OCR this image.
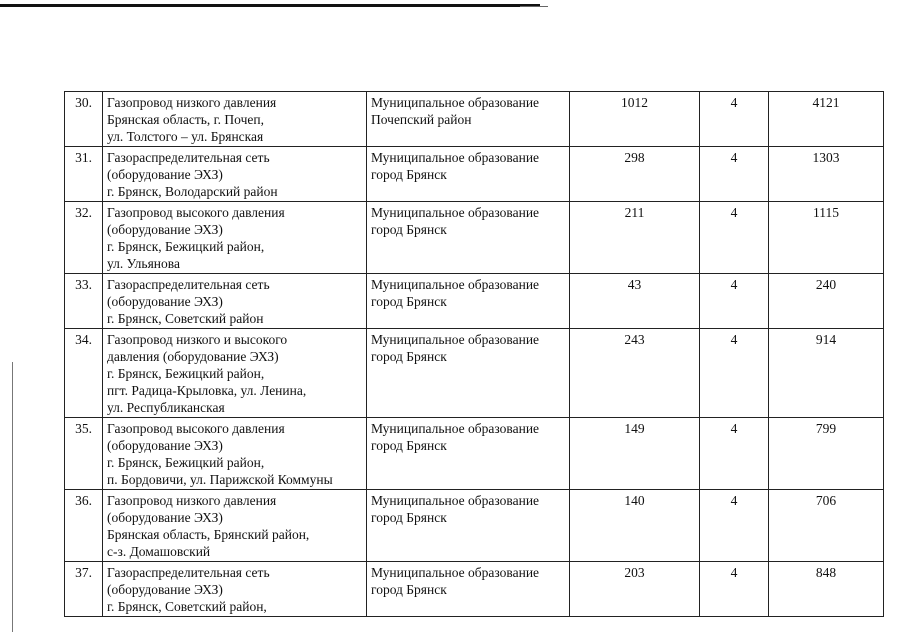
30.	Газопровод низкого давления
Брянская область, г. Почеп,
ул. Толстого – ул. Брянская	Муниципальное образование
Почепский район	1012	4	4121
31.	Газораспределительная сеть
(оборудование ЭХЗ)
г. Брянск, Володарский район	Муниципальное образование
город Брянск	298	4	1303
32.	Газопровод высокого давления
(оборудование ЭХЗ)
г. Брянск, Бежицкий район,
ул. Ульянова	Муниципальное образование
город Брянск	211	4	1115
33.	Газораспределительная сеть
(оборудование ЭХЗ)
г. Брянск, Советский район	Муниципальное образование
город Брянск	43	4	240
34.	Газопровод низкого и высокого
давления (оборудование ЭХЗ)
г. Брянск, Бежицкий район,
пгт. Радица-Крыловка, ул. Ленина,
ул. Республиканская	Муниципальное образование
город Брянск	243	4	914
35.	Газопровод высокого давления
(оборудование ЭХЗ)
г. Брянск, Бежицкий район,
п. Бордовичи, ул. Парижской Коммуны	Муниципальное образование
город Брянск	149	4	799
36.	Газопровод низкого давления
(оборудование ЭХЗ)
Брянская область, Брянский район,
с-з. Домашовский	Муниципальное образование
город Брянск	140	4	706
37.	Газораспределительная сеть
(оборудование ЭХЗ)
г. Брянск, Советский район,	Муниципальное образование
город Брянск	203	4	848
